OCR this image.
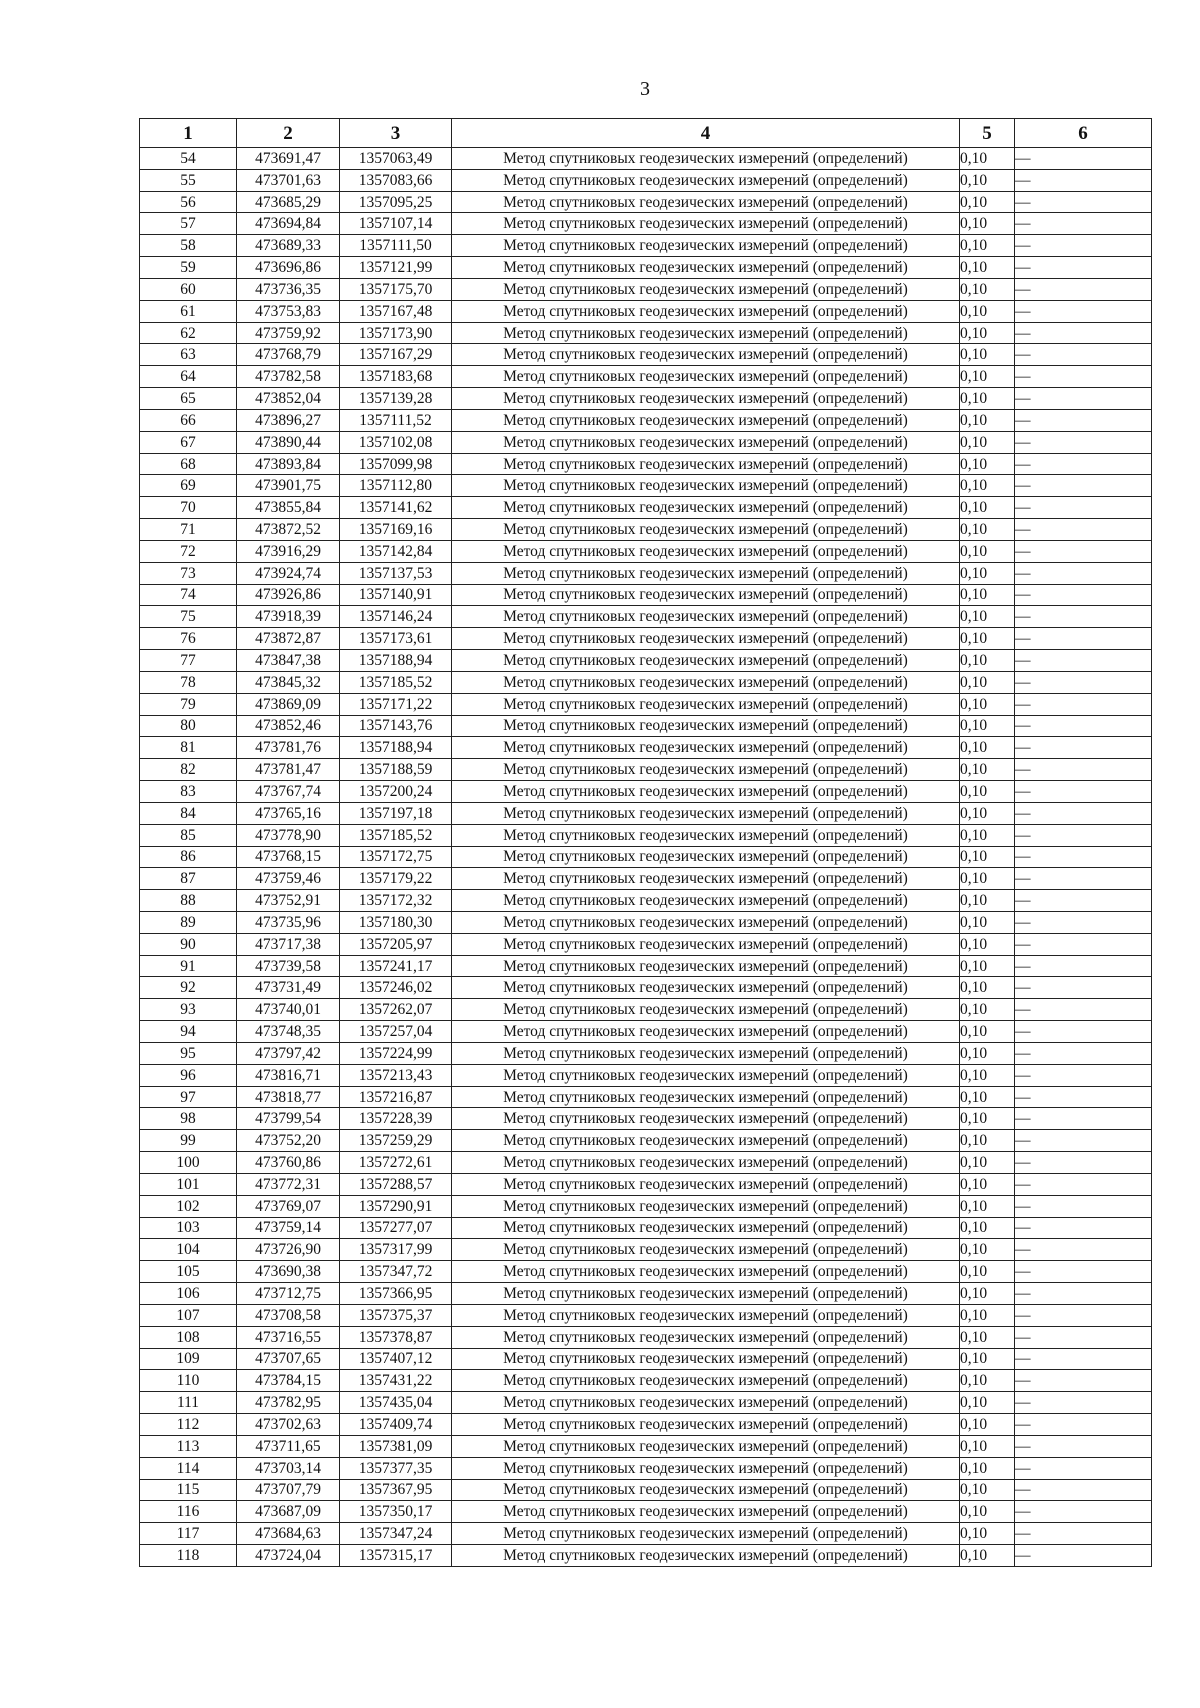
3
1	2	3	4	5	6
54	473691,47	1357063,49	Метод спутниковых геодезических измерений (определений)	0,10	—
55	473701,63	1357083,66	Метод спутниковых геодезических измерений (определений)	0,10	—
56	473685,29	1357095,25	Метод спутниковых геодезических измерений (определений)	0,10	—
57	473694,84	1357107,14	Метод спутниковых геодезических измерений (определений)	0,10	—
58	473689,33	1357111,50	Метод спутниковых геодезических измерений (определений)	0,10	—
59	473696,86	1357121,99	Метод спутниковых геодезических измерений (определений)	0,10	—
60	473736,35	1357175,70	Метод спутниковых геодезических измерений (определений)	0,10	—
61	473753,83	1357167,48	Метод спутниковых геодезических измерений (определений)	0,10	—
62	473759,92	1357173,90	Метод спутниковых геодезических измерений (определений)	0,10	—
63	473768,79	1357167,29	Метод спутниковых геодезических измерений (определений)	0,10	—
64	473782,58	1357183,68	Метод спутниковых геодезических измерений (определений)	0,10	—
65	473852,04	1357139,28	Метод спутниковых геодезических измерений (определений)	0,10	—
66	473896,27	1357111,52	Метод спутниковых геодезических измерений (определений)	0,10	—
67	473890,44	1357102,08	Метод спутниковых геодезических измерений (определений)	0,10	—
68	473893,84	1357099,98	Метод спутниковых геодезических измерений (определений)	0,10	—
69	473901,75	1357112,80	Метод спутниковых геодезических измерений (определений)	0,10	—
70	473855,84	1357141,62	Метод спутниковых геодезических измерений (определений)	0,10	—
71	473872,52	1357169,16	Метод спутниковых геодезических измерений (определений)	0,10	—
72	473916,29	1357142,84	Метод спутниковых геодезических измерений (определений)	0,10	—
73	473924,74	1357137,53	Метод спутниковых геодезических измерений (определений)	0,10	—
74	473926,86	1357140,91	Метод спутниковых геодезических измерений (определений)	0,10	—
75	473918,39	1357146,24	Метод спутниковых геодезических измерений (определений)	0,10	—
76	473872,87	1357173,61	Метод спутниковых геодезических измерений (определений)	0,10	—
77	473847,38	1357188,94	Метод спутниковых геодезических измерений (определений)	0,10	—
78	473845,32	1357185,52	Метод спутниковых геодезических измерений (определений)	0,10	—
79	473869,09	1357171,22	Метод спутниковых геодезических измерений (определений)	0,10	—
80	473852,46	1357143,76	Метод спутниковых геодезических измерений (определений)	0,10	—
81	473781,76	1357188,94	Метод спутниковых геодезических измерений (определений)	0,10	—
82	473781,47	1357188,59	Метод спутниковых геодезических измерений (определений)	0,10	—
83	473767,74	1357200,24	Метод спутниковых геодезических измерений (определений)	0,10	—
84	473765,16	1357197,18	Метод спутниковых геодезических измерений (определений)	0,10	—
85	473778,90	1357185,52	Метод спутниковых геодезических измерений (определений)	0,10	—
86	473768,15	1357172,75	Метод спутниковых геодезических измерений (определений)	0,10	—
87	473759,46	1357179,22	Метод спутниковых геодезических измерений (определений)	0,10	—
88	473752,91	1357172,32	Метод спутниковых геодезических измерений (определений)	0,10	—
89	473735,96	1357180,30	Метод спутниковых геодезических измерений (определений)	0,10	—
90	473717,38	1357205,97	Метод спутниковых геодезических измерений (определений)	0,10	—
91	473739,58	1357241,17	Метод спутниковых геодезических измерений (определений)	0,10	—
92	473731,49	1357246,02	Метод спутниковых геодезических измерений (определений)	0,10	—
93	473740,01	1357262,07	Метод спутниковых геодезических измерений (определений)	0,10	—
94	473748,35	1357257,04	Метод спутниковых геодезических измерений (определений)	0,10	—
95	473797,42	1357224,99	Метод спутниковых геодезических измерений (определений)	0,10	—
96	473816,71	1357213,43	Метод спутниковых геодезических измерений (определений)	0,10	—
97	473818,77	1357216,87	Метод спутниковых геодезических измерений (определений)	0,10	—
98	473799,54	1357228,39	Метод спутниковых геодезических измерений (определений)	0,10	—
99	473752,20	1357259,29	Метод спутниковых геодезических измерений (определений)	0,10	—
100	473760,86	1357272,61	Метод спутниковых геодезических измерений (определений)	0,10	—
101	473772,31	1357288,57	Метод спутниковых геодезических измерений (определений)	0,10	—
102	473769,07	1357290,91	Метод спутниковых геодезических измерений (определений)	0,10	—
103	473759,14	1357277,07	Метод спутниковых геодезических измерений (определений)	0,10	—
104	473726,90	1357317,99	Метод спутниковых геодезических измерений (определений)	0,10	—
105	473690,38	1357347,72	Метод спутниковых геодезических измерений (определений)	0,10	—
106	473712,75	1357366,95	Метод спутниковых геодезических измерений (определений)	0,10	—
107	473708,58	1357375,37	Метод спутниковых геодезических измерений (определений)	0,10	—
108	473716,55	1357378,87	Метод спутниковых геодезических измерений (определений)	0,10	—
109	473707,65	1357407,12	Метод спутниковых геодезических измерений (определений)	0,10	—
110	473784,15	1357431,22	Метод спутниковых геодезических измерений (определений)	0,10	—
111	473782,95	1357435,04	Метод спутниковых геодезических измерений (определений)	0,10	—
112	473702,63	1357409,74	Метод спутниковых геодезических измерений (определений)	0,10	—
113	473711,65	1357381,09	Метод спутниковых геодезических измерений (определений)	0,10	—
114	473703,14	1357377,35	Метод спутниковых геодезических измерений (определений)	0,10	—
115	473707,79	1357367,95	Метод спутниковых геодезических измерений (определений)	0,10	—
116	473687,09	1357350,17	Метод спутниковых геодезических измерений (определений)	0,10	—
117	473684,63	1357347,24	Метод спутниковых геодезических измерений (определений)	0,10	—
118	473724,04	1357315,17	Метод спутниковых геодезических измерений (определений)	0,10	—
